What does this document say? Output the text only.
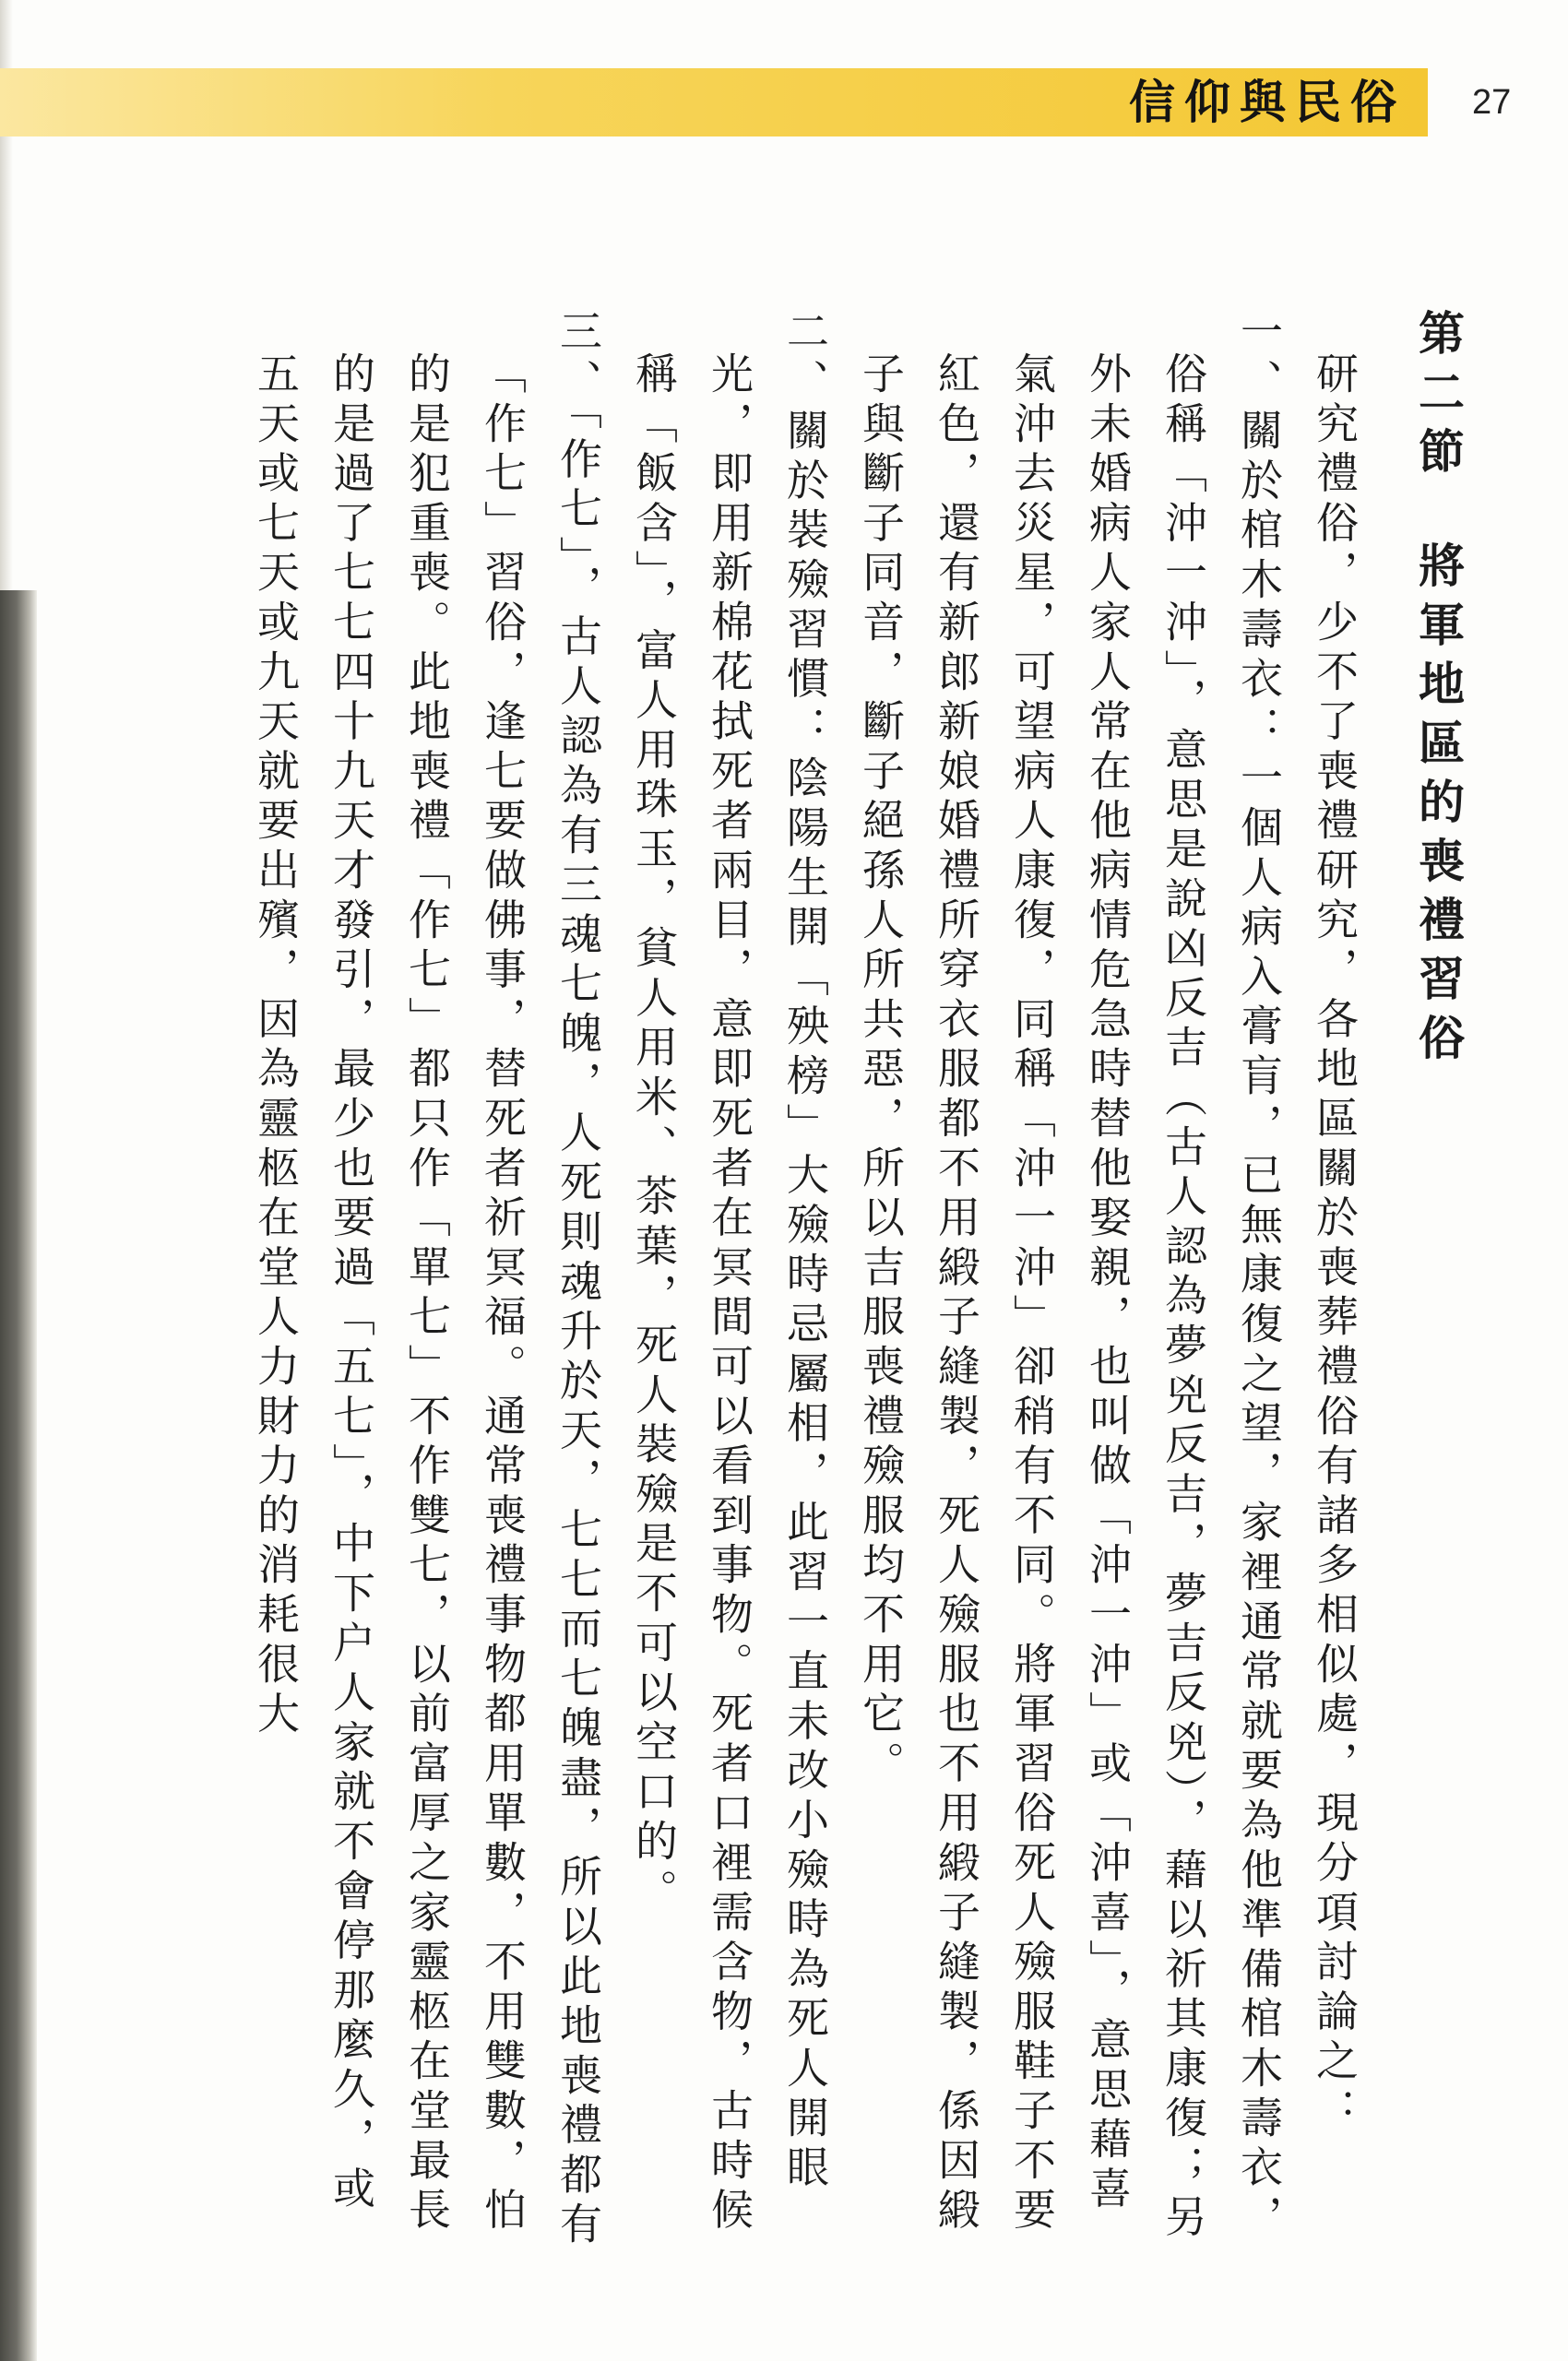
信仰與民俗 27

第二節將軍地區的喪禮習俗

研究禮俗，少不了喪禮研究，各地區關於喪葬禮俗有諸多相似處，現分項討論之：

一、關於棺木壽衣：一個人病入膏肓，已無康復之望，家裡通常就要為他準備棺木壽衣，俗稱「沖一沖」，意思是說凶反吉（古人認為夢兇反吉，夢吉反兇），藉以祈其康復；另外未婚病人家人常在他病情危急時替他娶親，也叫做「沖一沖」或「沖喜」，意思藉喜氣沖去災星，可望病人康復，同稱「沖一沖」卻稍有不同。將軍習俗死人殮服鞋子不要紅色，還有新郎新娘婚禮所穿衣服都不用緞子縫製，死人殮服也不用緞子縫製，係因緞子與斷子同音，斷子絕孫人所共惡，所以吉服喪禮殮服均不用它。

二、關於裝殮習慣：陰陽生開「殃榜」大殮時忌屬相，此習一直未改小殮時為死人開眼光，即用新棉花拭死者兩目，意即死者在冥間可以看到事物。死者口裡需含物，古時候稱「飯含」，富人用珠玉，貧人用米、茶葉，死人裝殮是不可以空口的。

三、「作七」，古人認為有三魂七魄，人死則魂升於天，七七而七魄盡，所以此地喪禮都有「作七」習俗，逢七要做佛事，替死者祈冥福。通常喪禮事物都用單數，不用雙數，怕的是犯重喪。此地喪禮「作七」都只作「單七」不作雙七，以前富厚之家靈柩在堂最長的是過了七七四十九天才發引，最少也要過「五七」，中下户人家就不會停那麼久，或五天或七天或九天就要出殯，因為靈柩在堂人力財力的消耗很大
